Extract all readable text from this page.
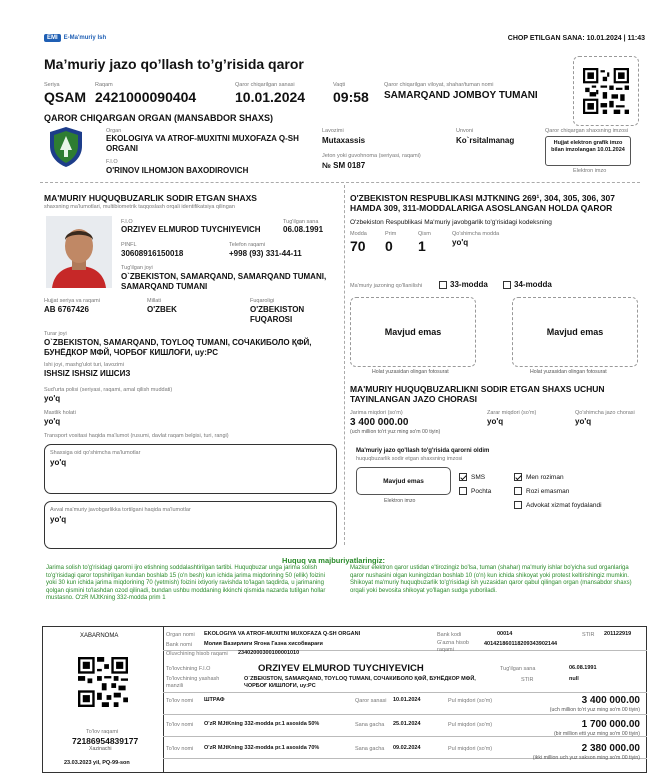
EMI	E-Ma'muriy Ish	CHOP ETILGAN SANA: 10.01.2024 | 11:43
Ma’muriy jazo qo’llash to’g’risida qaror
Seriya
QSAM
Raqam
2421000090404
Qaror chiqarilgan sanasi
10.01.2024
Vaqti
09:58
Qaror chiqarilgan viloyat, shahar/tuman nomi
SAMARQAND JOMBOY TUMANI
QAROR CHIQARGAN ORGAN (MANSABDOR SHAXS)
Organ
EKOLOGIYA VA ATROF-MUXITNI MUXOFAZA Q-SH ORGANI
Lavozimi
Mutaxassis
Unvoni
Ko`rsitalmanag
Qaror chiqargan shaxsning imzosi
Hujjat elektron grafik imzo bilan imzolangan 10.01.2024
Elektron imzo
F.I.O
O'RINOV ILHOMJON BAXODIROVICH
Jeton yoki guvohnoma (seriyasi, raqami)
№ SM 0187
MA'MURIY HUQUQBUZARLIK SODIR ETGAN SHAXS
shaxsning ma'lumotlari, multibiometrik taqqoslash orqali identifikatsiya qilingan
F.I.O
ORZIYEV ELMUROD TUYCHIYEVICH
Tug'ilgan sana
06.08.1991
PINFL
30608916150018
Telefon raqami
+998 (93) 331-44-11
Tug'ilgan joyi
O`ZBEKISTON, SAMARQAND, SAMARQAND TUMANI, SAMARQAND TUMANI
Hujjat seriya va raqami
AB 6767426
Millati
O'ZBEK
Fuqaroligi
O'ZBEKISTON FUQAROSI
Turar joyi
O`ZBEKISTON, SAMARQAND, TOYLOQ TUMANI, СОЧАКИБОЛО ҚФЙ, БУНЁДКОР МФЙ, ЧОРБОҒ КИШЛОҒИ, uy:PC
Ishi joyi, mashg'ulot turi, lavozimi
ISHSIZ ISHSIZ ИШСИЗ
Sud'urta polisi (seriyasi, raqami, amal qilish muddati)
yo'q
Mastlik holati
yo'q
Transport vositasi haqida ma'lumot (rusumi, davlat raqam belgisi, turi, rangi)
Shaxsiga oid qo'shimcha ma'lumotlar
yo'q
Avval ma'muriy javobgarlikka tortilgani haqida ma'lumotlar
yo'q
O'ZBEKISTON RESPUBLIKASI MJTKNING 269¹, 304, 305, 306, 307 HAMDA 309, 311-MODDALARIGA ASOSLANGAN HOLDA QAROR
O'zbekiston Respublikasi Ma'muriy javobgarlik to'g'risidagi kodeksning
Modda
70
Prim
0
Qism
1
Qo'shimcha modda
yo'q
Ma'muriy jazoning qo'llanilishi	33-modda	34-modda
Mavjud emas
Holat yuzasidan olingan fotosurat
Mavjud emas
Holat yuzasidan olingan fotosurat
MA'MURIY HUQUQBUZARLIKNI SODIR ETGAN SHAXS UCHUN TAYINLANGAN JAZO CHORASI
Jarima miqdori (so'm)
3 400 000.00
(uch million to'rt yuz ming so'm 00 tiyin)
Zarar miqdori (so'm)
yo'q
Qo'shimcha jazo chorasi
yo'q
Ma'muriy jazo qo'llash to'g'risida qarorni oldim
huquqbuzarlik sodir etgan shaxsning imzosi
Mavjud emas
Elektron imzo
SMS
Pochta
Men roziman
Rozi emasman
Advokat xizmat foydalandi
Huquq va majburiyatlaringiz:
Jarima solish to'g'risidagi qarorni ijro etishning soddalashtirilgan tartibi. Huquqbuzar unga jarima solish to'g'risidagi qaror topshirilgan kundan boshlab 15 (o'n besh) kun ichida jarima miqdorining 50 (ellik) foizini yoki 30 kun ichida jarima miqdorining 70 (yetmish) foizini ixtiyoriy ravishda to'lagan taqdirda, u jarimaning qolgan qismini to'lashdan ozod qilinadi, bundan ushbu moddaning ikkinchi qismida nazarda tutilgan hollar mustasno. O'zR MJtKning 332-modda prim 1
Mazkur elektron qaror ustidan e'tirozingiz bo'lsa, tuman (shahar) ma'muriy ishlar bo'yicha sud organlariga qaror nushasini olgan kuningizdan boshlab 10 (o'n) kun ichida shikoyat yoki protest keltirishingiz mumkin. Shikoyat ma'muriy huquqbuzarlik to'g'risidagi ish yuzasidan qaror qabul qilingan organ (mansabdor shaxs) orqali yoki bevosita shikoyat yo'llagan sudga yuboriladi.
XABARNOMA
To'lov raqami
72186954839177
Xazinachi
23.03.2023 yil, PQ-99-son
Organ nomi EKOLOGIYA VA ATROF-MUXITNI MUXOFAZA Q-SH ORGANI	Bank kodi	00014	STIR 201122919
Bank nomi Молия Вазирлиги Ягона Газна хисобварағи	G'azna hisob raqami
401421860118209343902144
Oluvchining hisob raqami 23402000300100001010
To'lovchining F.I.O	ORZIYEV ELMUROD TUYCHIYEVICH	Tug'ilgan sana	06.08.1991
To'lovchining yashash manzili
O`ZBEKISTON, SAMARQAND, TOYLOQ TUMANI, СОЧАКИБОЛО ҚФЙ, БУНЁДКОР МФЙ, ЧОРБОҒ КИШЛОҒИ, uy:PC
STIR	null
To'lov nomi ШТРАФ	Qaror sanasi 10.01.2024	Pul miqdori (so'm)	3 400 000.00
(uch million to'rt yuz ming so'm 00 tiyin)
To'lov nomi O'zR MJtKning 332-modda pr.1 asosida 50%	Sana gacha 25.01.2024	Pul miqdori (so'm)	1 700 000.00
(bir million etti yuz ming so'm 00 tiyin)
To'lov nomi O'zR MJtKning 332-modda pr.1 asosida 70%	Sana gacha 09.02.2024	Pul miqdori (so'm)	2 380 000.00
(ikki million uch yuz sakson ming so'm 00 tiyin)
